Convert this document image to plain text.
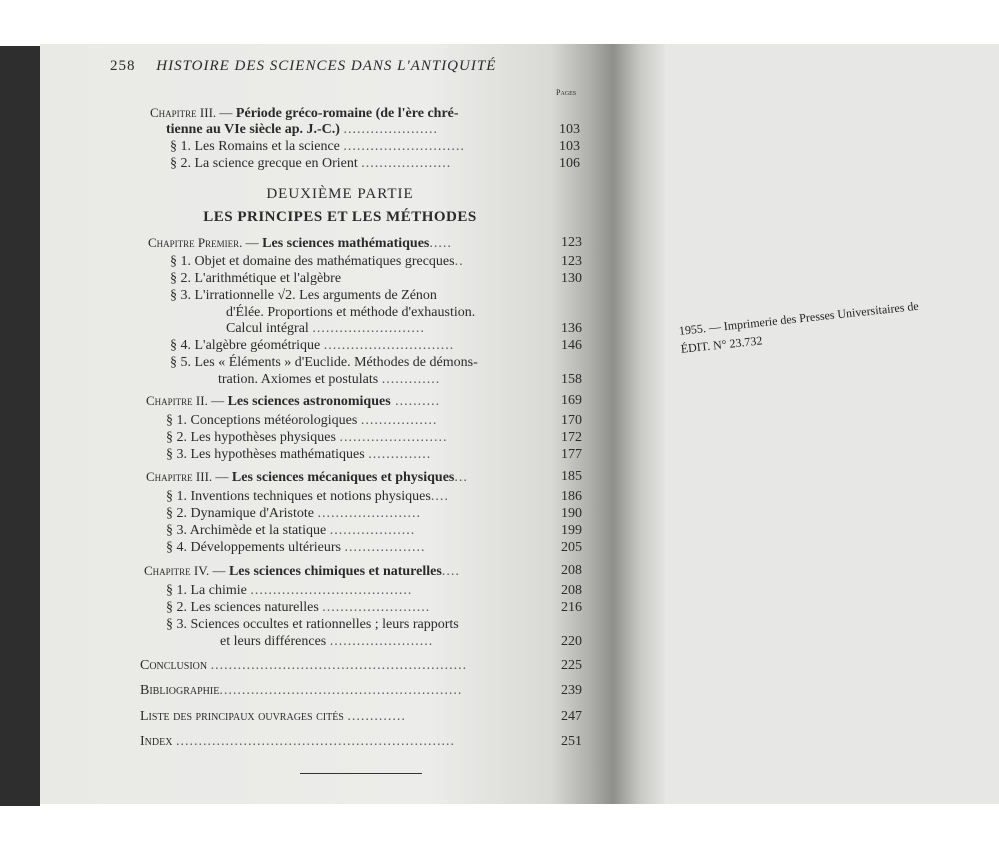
258 HISTOIRE DES SCIENCES DANS L'ANTIQUITÉ
Pages
Chapitre III. — Période gréco-romaine (de l'ère chré-
tienne au VIe siècle ap. J.-C.) .....................	103
§ 1. Les Romains et la science ...........................	103
§ 2. La science grecque en Orient ....................	106
DEUXIÈME PARTIE
LES PRINCIPES ET LES MÉTHODES
Chapitre Premier. — Les sciences mathématiques.....	123
§ 1. Objet et domaine des mathématiques grecques..	123
§ 2. L'arithmétique et l'algèbre	130
§ 3. L'irrationnelle √2. Les arguments de Zénon
d'Élée. Proportions et méthode d'exhaustion.
Calcul intégral .........................	136
§ 4. L'algèbre géométrique .............................	146
§ 5. Les « Éléments » d'Euclide. Méthodes de démons-
tration. Axiomes et postulats .............	158
Chapitre II. — Les sciences astronomiques ..........	169
§ 1. Conceptions météorologiques .................	170
§ 2. Les hypothèses physiques ........................	172
§ 3. Les hypothèses mathématiques ..............	177
Chapitre III. — Les sciences mécaniques et physiques...	185
§ 1. Inventions techniques et notions physiques....	186
§ 2. Dynamique d'Aristote .......................	190
§ 3. Archimède et la statique ...................	199
§ 4. Développements ultérieurs ..................	205
Chapitre IV. — Les sciences chimiques et naturelles....	208
§ 1. La chimie ....................................	208
§ 2. Les sciences naturelles ........................	216
§ 3. Sciences occultes et rationnelles ; leurs rapports
et leurs différences .......................	220
Conclusion .........................................................	225
Bibliographie......................................................	239
Liste des principaux ouvrages cités .............	247
Index ..............................................................	251
1955. — Imprimerie des Presses Universitaires de
ÉDIT. N° 23.732
